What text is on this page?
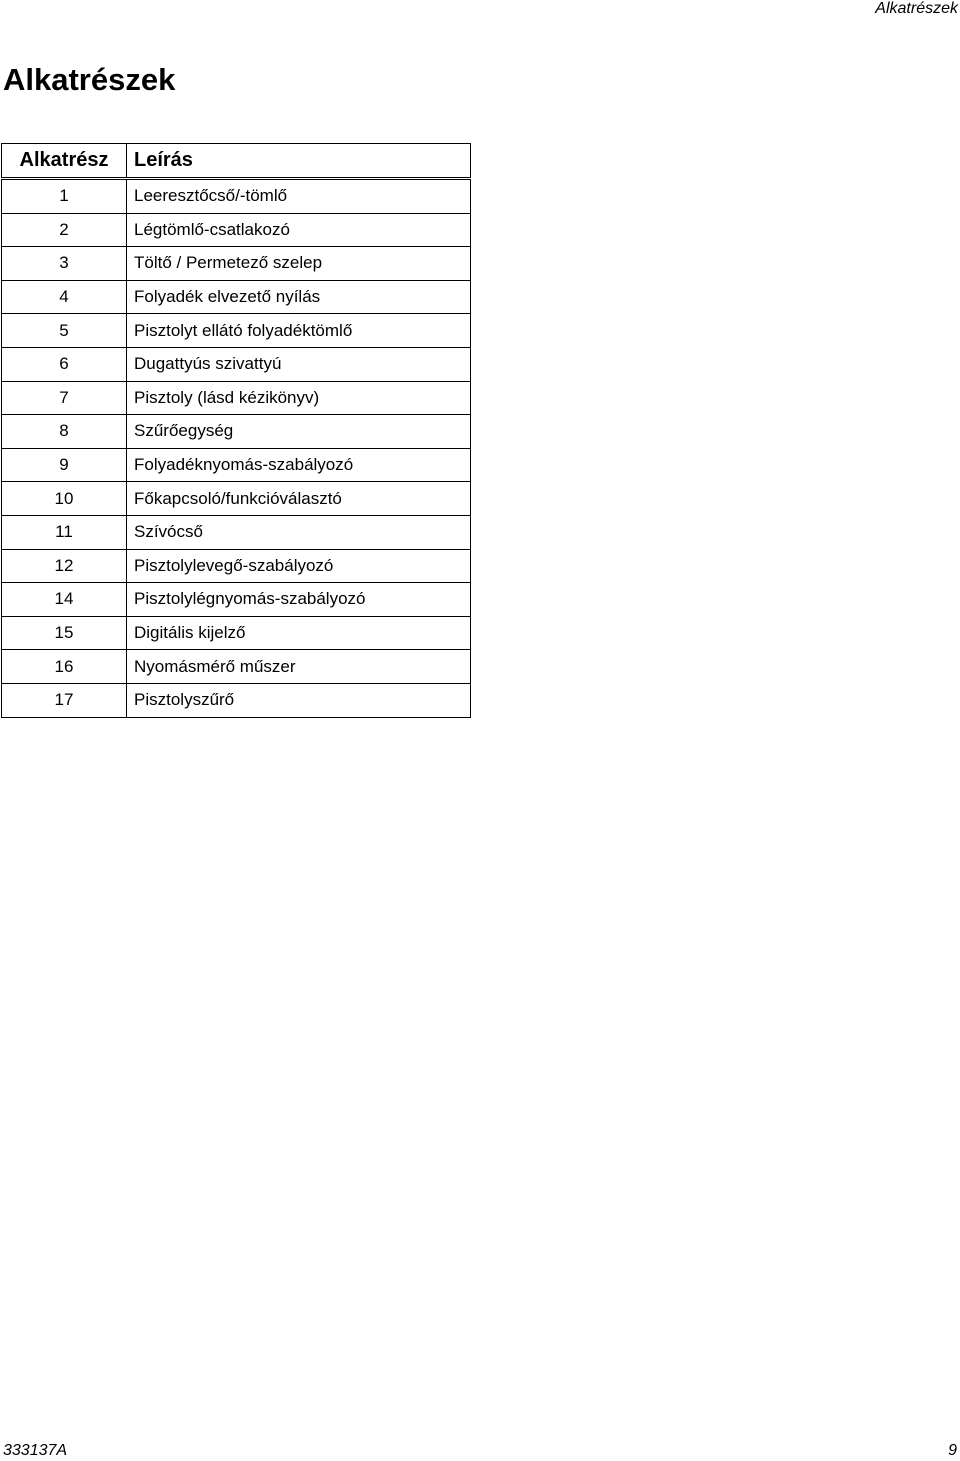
Alkatrészek
Alkatrészek
Alkatrész	Leírás
1	Leeresztőcső/-tömlő
2	Légtömlő-csatlakozó
3	Töltő / Permetező szelep
4	Folyadék elvezető nyílás
5	Pisztolyt ellátó folyadéktömlő
6	Dugattyús szivattyú
7	Pisztoly (lásd kézikönyv)
8	Szűrőegység
9	Folyadéknyomás-szabályozó
10	Főkapcsoló/funkcióválasztó
11	Szívócső
12	Pisztolylevegő-szabályozó
14	Pisztolylégnyomás-szabályozó
15	Digitális kijelző
16	Nyomásmérő műszer
17	Pisztolyszűrő
333137A	9
